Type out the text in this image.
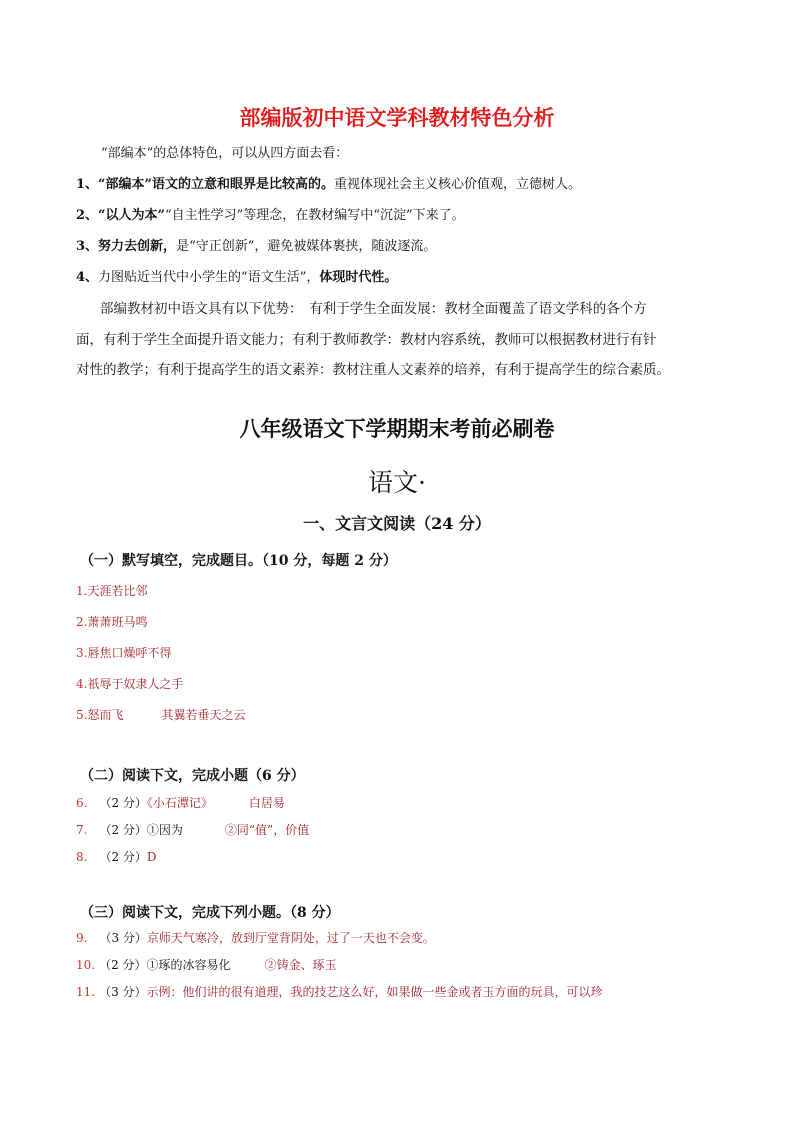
部编版初中语文学科教材特色分析
“部编本”的总体特色，可以从四方面去看：
1、“部编本”语文的立意和眼界是比较高的。重视体现社会主义核心价值观，立德树人。
2、“以人为本”“自主性学习”等理念，在教材编写中“沉淀”下来了。
3、努力去创新，是“守正创新”，避免被媒体裹挟，随波逐流。
4、力图贴近当代中小学生的“语文生活”，体现时代性。
部编教材初中语文具有以下优势：　有利于学生全面发展：教材全面覆盖了语文学科的各个方
面，有利于学生全面提升语文能力；有利于教师教学：教材内容系统，教师可以根据教材进行有针
对性的教学；有利于提高学生的语文素养：教材注重人文素养的培养，有利于提高学生的综合素质。
八年级语文下学期期末考前必刷卷
语文·
一、文言文阅读（24 分）
（一）默写填空，完成题目。（10 分，每题 2 分）
1.天涯若比邻
2.萧萧班马鸣
3.唇焦口燥呼不得
4.祇辱于奴隶人之手
5.怒而飞	其翼若垂天之云
（二）阅读下文，完成小题（6 分）
6. （2 分）《小石潭记》	白居易
7. （2 分）①因为	②同“值”，价值
8. （2 分）D
（三）阅读下文，完成下列小题。（8 分）
9. （3 分）京师天气寒冷，放到厅堂背阴处，过了一天也不会变。
10. （2 分）①琢的冰容易化	②铸金、琢玉
11. （3 分）示例：他们讲的很有道理，我的技艺这么好，如果做一些金或者玉方面的玩具，可以珍
